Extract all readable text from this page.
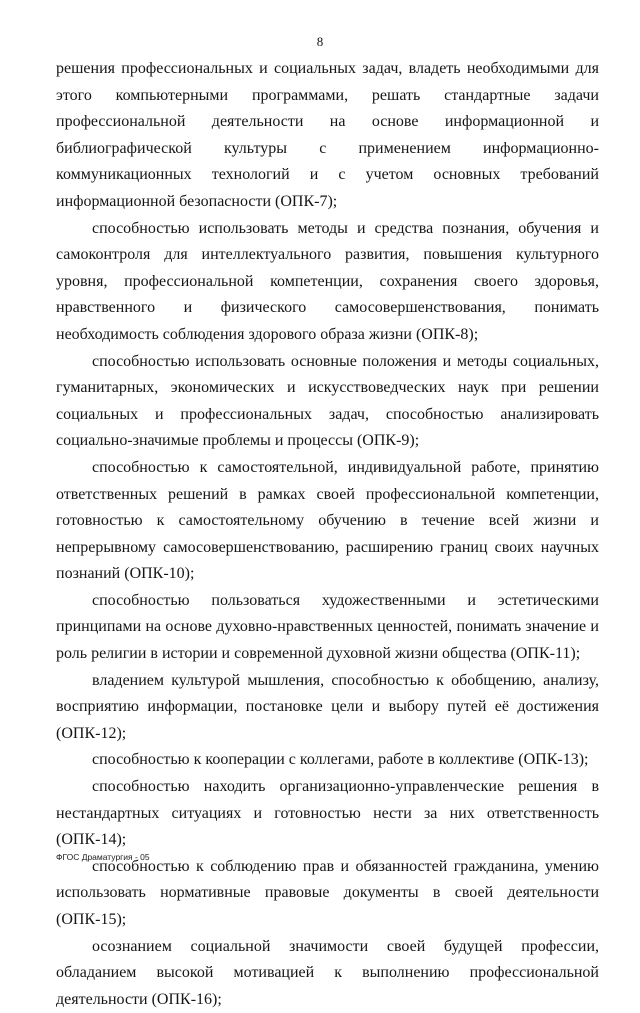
8

решения профессиональных и социальных задач, владеть необходимыми для этого компьютерными программами, решать стандартные задачи профессиональной деятельности на основе информационной и библиографической культуры с применением информационно-коммуникационных технологий и с учетом основных требований информационной безопасности (ОПК-7);

способностью использовать методы и средства познания, обучения и самоконтроля для интеллектуального развития, повышения культурного уровня, профессиональной компетенции, сохранения своего здоровья, нравственного и физического самосовершенствования, понимать необходимость соблюдения здорового образа жизни (ОПК-8);

способностью использовать основные положения и методы социальных, гуманитарных, экономических и искусствоведческих наук при решении социальных и профессиональных задач, способностью анализировать социально-значимые проблемы и процессы (ОПК-9);

способностью к самостоятельной, индивидуальной работе, принятию ответственных решений в рамках своей профессиональной компетенции, готовностью к самостоятельному обучению в течение всей жизни и непрерывному самосовершенствованию, расширению границ своих научных познаний (ОПК-10);

способностью пользоваться художественными и эстетическими принципами на основе духовно-нравственных ценностей, понимать значение и роль религии в истории и современной духовной жизни общества (ОПК-11);

владением культурой мышления, способностью к обобщению, анализу, восприятию информации, постановке цели и выбору путей её достижения (ОПК-12);

способностью к кооперации с коллегами, работе в коллективе (ОПК-13);

способностью находить организационно-управленческие решения в нестандартных ситуациях и готовностью нести за них ответственность (ОПК-14);

способностью к соблюдению прав и обязанностей гражданина, умению использовать нормативные правовые документы в своей деятельности (ОПК-15);

осознанием социальной значимости своей будущей профессии, обладанием высокой мотивацией к выполнению профессиональной деятельности (ОПК-16);

ФГОС Драматургия - 05
